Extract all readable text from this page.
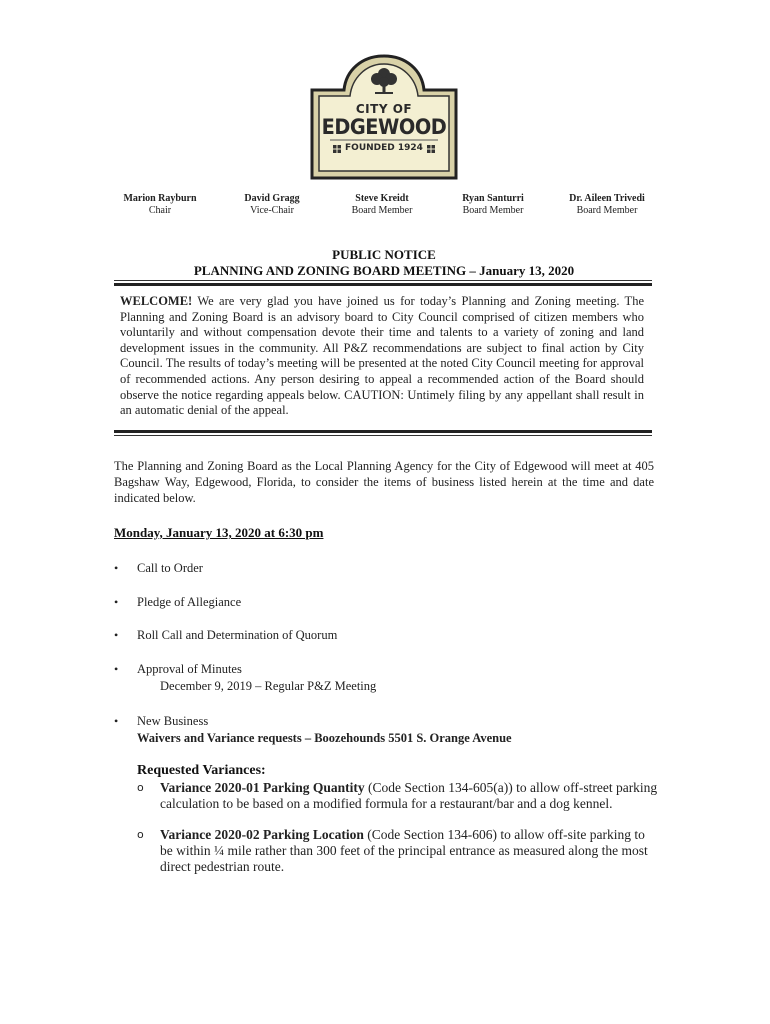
CITY OF
EDGEWOOD
FOUNDED 1924
Marion Rayburn
Chair
David Gragg
Vice-Chair
Steve Kreidt
Board Member
Ryan Santurri
Board Member
Dr. Aileen Trivedi
Board Member
PUBLIC NOTICE
PLANNING AND ZONING BOARD MEETING – January 13, 2020
WELCOME! We are very glad you have joined us for today’s Planning and Zoning meeting. The Planning and Zoning Board is an advisory board to City Council comprised of citizen members who voluntarily and without compensation devote their time and talents to a variety of zoning and land development issues in the community. All P&Z recommendations are subject to final action by City Council. The results of today’s meeting will be presented at the noted City Council meeting for approval of recommended actions. Any person desiring to appeal a recommended action of the Board should observe the notice regarding appeals below. CAUTION: Untimely filing by any appellant shall result in an automatic denial of the appeal.
The Planning and Zoning Board as the Local Planning Agency for the City of Edgewood will meet at 405 Bagshaw Way, Edgewood, Florida, to consider the items of business listed herein at the time and date indicated below.
Monday, January 13, 2020 at 6:30 pm
•	Call to Order
•	Pledge of Allegiance
•	Roll Call and Determination of Quorum
•	Approval of Minutes
December 9, 2019 – Regular P&Z Meeting
•	New Business
Waivers and Variance requests – Boozehounds 5501 S. Orange Avenue
Requested Variances:
o Variance 2020-01 Parking Quantity (Code Section 134-605(a)) to allow off-street parking calculation to be based on a modified formula for a restaurant/bar and a dog kennel.
o Variance 2020-02 Parking Location (Code Section 134-606) to allow off-site parking to be within ¼ mile rather than 300 feet of the principal entrance as measured along the most direct pedestrian route.
